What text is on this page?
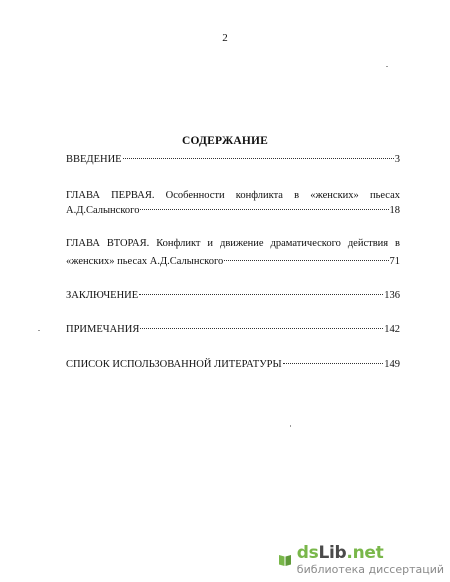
2
СОДЕРЖАНИЕ
ВВЕДЕНИЕ	3
ГЛАВА ПЕРВАЯ. Особенности конфликта в «женских» пьесах
А.Д.Салынского	18
ГЛАВА ВТОРАЯ. Конфликт и движение драматического действия в
«женских» пьесах А.Д.Салынского	71
ЗАКЛЮЧЕНИЕ	136
ПРИМЕЧАНИЯ	142
СПИСОК ИСПОЛЬЗОВАННОЙ ЛИТЕРАТУРЫ	149
dsLib.net
библиотека диссертаций
